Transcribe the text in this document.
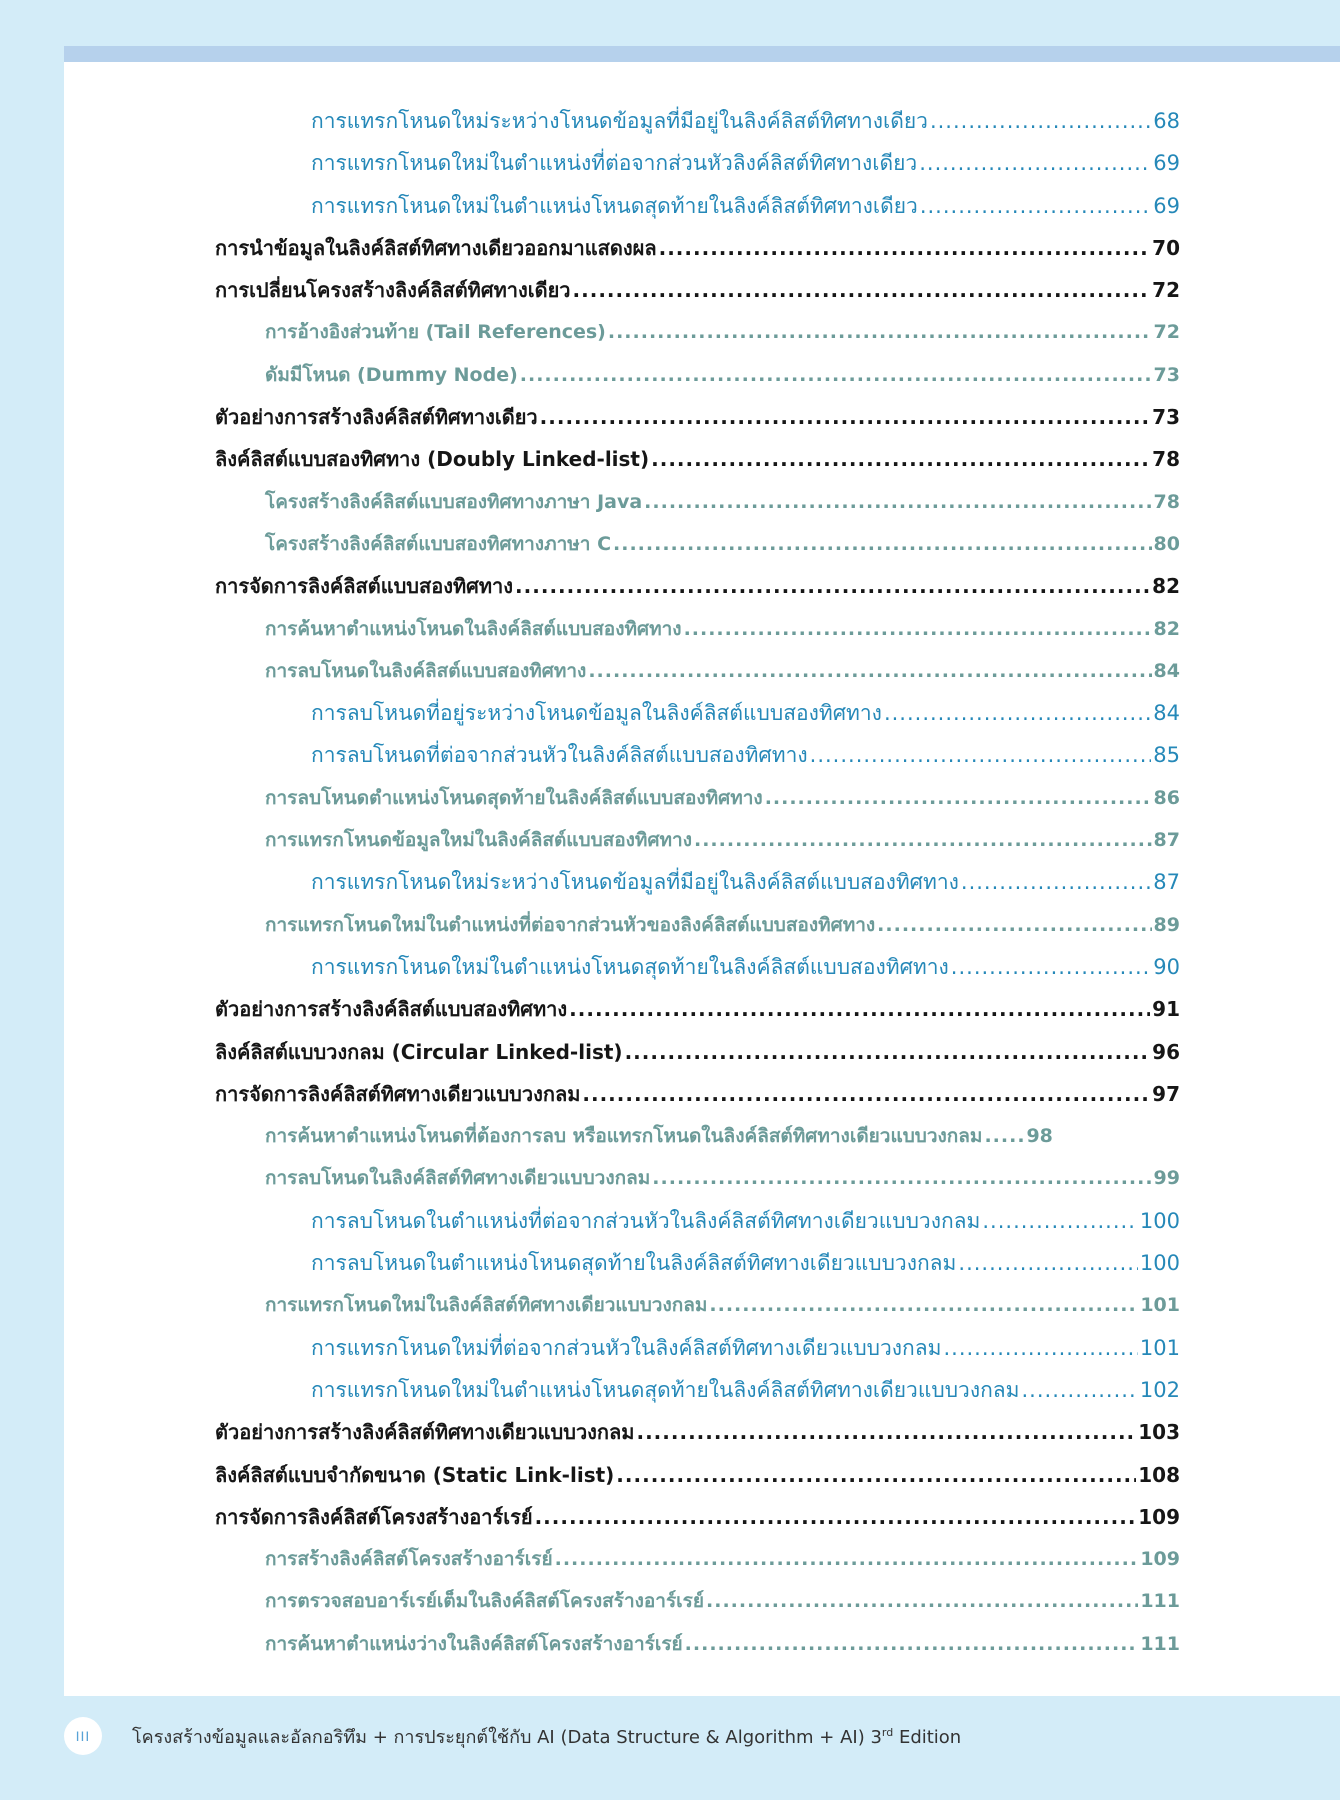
การแทรกโหนดใหม่ระหว่างโหนดข้อมูลที่มีอยู่ในลิงค์ลิสต์ทิศทางเดียว .....	68
การแทรกโหนดใหม่ในตำแหน่งที่ต่อจากส่วนหัวลิงค์ลิสต์ทิศทางเดียว .....	69
การแทรกโหนดใหม่ในตำแหน่งโหนดสุดท้ายในลิงค์ลิสต์ทิศทางเดียว .....	69
การนำข้อมูลในลิงค์ลิสต์ทิศทางเดียวออกมาแสดงผล .....	70
การเปลี่ยนโครงสร้างลิงค์ลิสต์ทิศทางเดียว .....	72
การอ้างอิงส่วนท้าย (Tail References) .....	72
ดัมมีโหนด (Dummy Node) .....	73
ตัวอย่างการสร้างลิงค์ลิสต์ทิศทางเดียว .....	73
ลิงค์ลิสต์แบบสองทิศทาง (Doubly Linked-list) .....	78
โครงสร้างลิงค์ลิสต์แบบสองทิศทางภาษา Java .....	78
โครงสร้างลิงค์ลิสต์แบบสองทิศทางภาษา C .....	80
การจัดการลิงค์ลิสต์แบบสองทิศทาง .....	82
การค้นหาตำแหน่งโหนดในลิงค์ลิสต์แบบสองทิศทาง .....	82
การลบโหนดในลิงค์ลิสต์แบบสองทิศทาง .....	84
การลบโหนดที่อยู่ระหว่างโหนดข้อมูลในลิงค์ลิสต์แบบสองทิศทาง .....	84
การลบโหนดที่ต่อจากส่วนหัวในลิงค์ลิสต์แบบสองทิศทาง .....	85
การลบโหนดตำแหน่งโหนดสุดท้ายในลิงค์ลิสต์แบบสองทิศทาง .....	86
การแทรกโหนดข้อมูลใหม่ในลิงค์ลิสต์แบบสองทิศทาง .....	87
การแทรกโหนดใหม่ระหว่างโหนดข้อมูลที่มีอยู่ในลิงค์ลิสต์แบบสองทิศทาง .....	87
การแทรกโหนดใหม่ในตำแหน่งที่ต่อจากส่วนหัวของลิงค์ลิสต์แบบสองทิศทาง .....	89
การแทรกโหนดใหม่ในตำแหน่งโหนดสุดท้ายในลิงค์ลิสต์แบบสองทิศทาง .....	90
ตัวอย่างการสร้างลิงค์ลิสต์แบบสองทิศทาง .....	91
ลิงค์ลิสต์แบบวงกลม (Circular Linked-list) .....	96
การจัดการลิงค์ลิสต์ทิศทางเดียวแบบวงกลม .....	97
การค้นหาตำแหน่งโหนดที่ต้องการลบ หรือแทรกโหนดในลิงค์ลิสต์ทิศทางเดียวแบบวงกลม ..... 98
การลบโหนดในลิงค์ลิสต์ทิศทางเดียวแบบวงกลม .....	99
การลบโหนดในตำแหน่งที่ต่อจากส่วนหัวในลิงค์ลิสต์ทิศทางเดียวแบบวงกลม .....	100
การลบโหนดในตำแหน่งโหนดสุดท้ายในลิงค์ลิสต์ทิศทางเดียวแบบวงกลม .....	100
การแทรกโหนดใหม่ในลิงค์ลิสต์ทิศทางเดียวแบบวงกลม .....	101
การแทรกโหนดใหม่ที่ต่อจากส่วนหัวในลิงค์ลิสต์ทิศทางเดียวแบบวงกลม .....	101
การแทรกโหนดใหม่ในตำแหน่งโหนดสุดท้ายในลิงค์ลิสต์ทิศทางเดียวแบบวงกลม .....	102
ตัวอย่างการสร้างลิงค์ลิสต์ทิศทางเดียวแบบวงกลม .....	103
ลิงค์ลิสต์แบบจำกัดขนาด (Static Link-list) .....	108
การจัดการลิงค์ลิสต์โครงสร้างอาร์เรย์ .....	109
การสร้างลิงค์ลิสต์โครงสร้างอาร์เรย์ .....	109
การตรวจสอบอาร์เรย์เต็มในลิงค์ลิสต์โครงสร้างอาร์เรย์ .....	111
การค้นหาตำแหน่งว่างในลิงค์ลิสต์โครงสร้างอาร์เรย์ .....	111
III โครงสร้างข้อมูลและอัลกอริทึม + การประยุกต์ใช้กับ AI (Data Structure & Algorithm + AI) 3rd Edition
